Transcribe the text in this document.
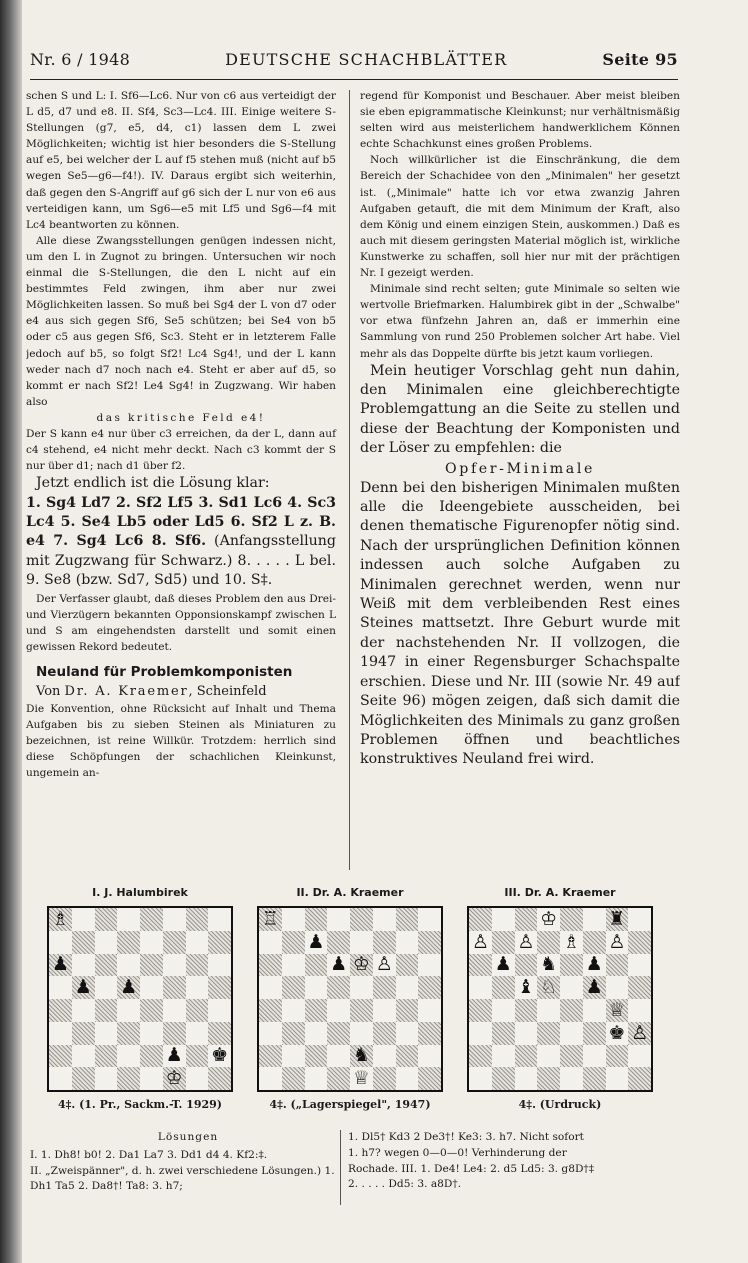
Nr. 6 / 1948	DEUTSCHE SCHACHBLÄTTER	Seite 95

schen S und L: I. Sf6—Lc6. Nur von c6 aus verteidigt der L d5, d7 und e8. II. Sf4, Sc3—Lc4. III. Einige weitere S-Stellungen (g7, e5, d4, c1) lassen dem L zwei Möglichkeiten; wichtig ist hier besonders die S-Stellung auf e5, bei welcher der L auf f5 stehen muß (nicht auf b5 wegen Se5—g6—f4!). IV. Daraus ergibt sich weiterhin, daß gegen den S-Angriff auf g6 sich der L nur von e6 aus verteidigen kann, um Sg6—e5 mit Lf5 und Sg6—f4 mit Lc4 beantworten zu können.

Alle diese Zwangsstellungen genügen indessen nicht, um den L in Zugnot zu bringen. Untersuchen wir noch einmal die S-Stellungen, die den L nicht auf ein bestimmtes Feld zwingen, ihm aber nur zwei Möglichkeiten lassen. So muß bei Sg4 der L von d7 oder e4 aus sich gegen Sf6, Se5 schützen; bei Se4 von b5 oder c5 aus gegen Sf6, Sc3. Steht er in letzterem Falle jedoch auf b5, so folgt Sf2! Lc4 Sg4!, und der L kann weder nach d7 noch nach e4. Steht er aber auf d5, so kommt er nach Sf2! Le4 Sg4! in Zugzwang. Wir haben also

das kritische Feld e4!

Der S kann e4 nur über c3 erreichen, da der L, dann auf c4 stehend, e4 nicht mehr deckt. Nach c3 kommt der S nur über d1; nach d1 über f2.

Jetzt endlich ist die Lösung klar:

1. Sg4 Ld7 2. Sf2 Lf5 3. Sd1 Lc6 4. Sc3 Lc4 5. Se4 Lb5 oder Ld5 6. Sf2 L z. B. e4 7. Sg4 Lc6 8. Sf6. (Anfangsstellung mit Zugzwang für Schwarz.) 8. . . . . L bel. 9. Se8 (bzw. Sd7, Sd5) und 10. S‡.

Der Verfasser glaubt, daß dieses Problem den aus Drei- und Vierzügern bekannten Opponsionskampf zwischen L und S am eingehendsten darstellt und somit einen gewissen Rekord bedeutet.

Neuland für Problemkomponisten

Von Dr. A. Kraemer, Scheinfeld

Die Konvention, ohne Rücksicht auf Inhalt und Thema Aufgaben bis zu sieben Steinen als Miniaturen zu bezeichnen, ist reine Willkür. Trotzdem: herrlich sind diese Schöpfungen der schachlichen Kleinkunst, ungemein an-

regend für Komponist und Beschauer. Aber meist bleiben sie eben epigrammatische Kleinkunst; nur verhältnismäßig selten wird aus meisterlichem handwerklichem Können echte Schachkunst eines großen Problems.

Noch willkürlicher ist die Einschränkung, die dem Bereich der Schachidee von den „Minimalen" her gesetzt ist. („Minimale" hatte ich vor etwa zwanzig Jahren Aufgaben getauft, die mit dem Minimum der Kraft, also dem König und einem einzigen Stein, auskommen.) Daß es auch mit diesem geringsten Material möglich ist, wirkliche Kunstwerke zu schaffen, soll hier nur mit der prächtigen Nr. I gezeigt werden.

Minimale sind recht selten; gute Minimale so selten wie wertvolle Briefmarken. Halumbirek gibt in der „Schwalbe" vor etwa fünfzehn Jahren an, daß er immerhin eine Sammlung von rund 250 Problemen solcher Art habe. Viel mehr als das Doppelte dürfte bis jetzt kaum vorliegen.

Mein heutiger Vorschlag geht nun dahin, den Minimalen eine gleichberechtigte Problemgattung an die Seite zu stellen und diese der Beachtung der Komponisten und der Löser zu empfehlen: die

Opfer-Minimale

Denn bei den bisherigen Minimalen mußten alle die Ideengebiete ausscheiden, bei denen thematische Figurenopfer nötig sind. Nach der ursprünglichen Definition können indessen auch solche Aufgaben zu Minimalen gerechnet werden, wenn nur Weiß mit dem verbleibenden Rest eines Steines mattsetzt. Ihre Geburt wurde mit der nachstehenden Nr. II vollzogen, die 1947 in einer Regensburger Schachspalte erschien. Diese und Nr. III (sowie Nr. 49 auf Seite 96) mögen zeigen, daß sich damit die Möglichkeiten des Minimals zu ganz großen Problemen öffnen und beachtliches konstruktives Neuland frei wird.

I. J. Halumbirek
♗
♟
♟ ♟
♟ ♚
♔
4‡. (1. Pr., Sackm.-T. 1929)
II. Dr. A. Kraemer
♖
♟
♟ ♔ ♙
♞
♕
4‡. („Lagerspiegel", 1947)
III. Dr. A. Kraemer
♔	♜
♙ ♙ ♗ ♙
♟ ♞ ♟
♝ ♘ ♟
♕
♚ ♙
4‡. (Urdruck)
Lösungen
I. 1. Dh8! b0! 2. Da1 La7 3. Dd1 d4 4. Kf2:‡.
II. „Zweispänner", d. h. zwei verschiedene Lösungen.) 1. Dh1 Ta5 2. Da8†! Ta8: 3. h7;
1. Dl5† Kd3 2 De3†! Ke3: 3. h7. Nicht sofort
1. h7? wegen 0—0—0! Verhinderung der
Rochade. III. 1. De4! Le4: 2. d5 Ld5: 3. g8D†‡
2. . . . . Dd5: 3. a8D†.
